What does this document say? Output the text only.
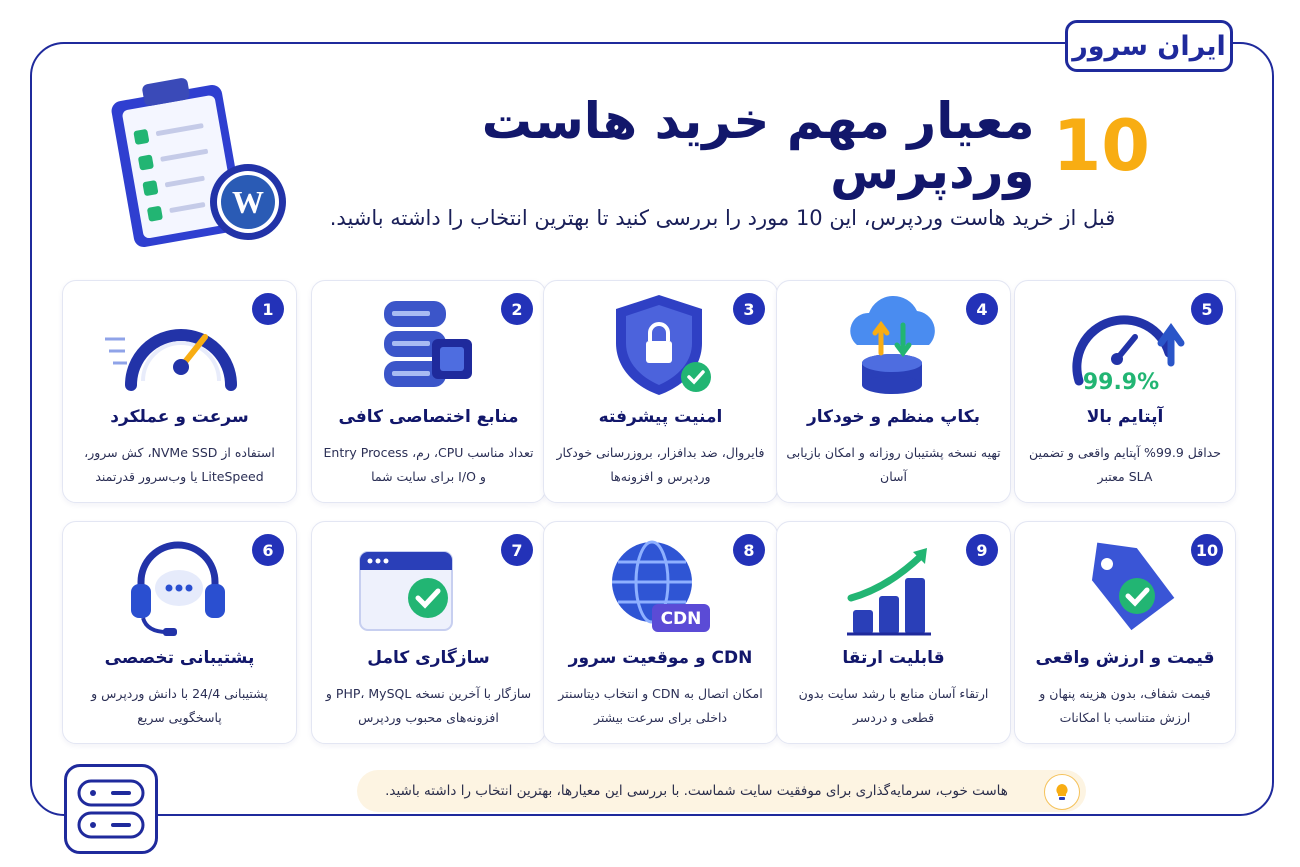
ایران سرور
W
10
معیار مهم خرید هاست وردپرس
قبل از خرید هاست وردپرس، این 10 مورد را بررسی کنید تا بهترین انتخاب را داشته باشید.
1
سرعت و عملکرد
استفاده از NVMe SSD، کش سرور، LiteSpeed یا وب‌سرور قدرتمند
2
منابع اختصاصی کافی
تعداد مناسب CPU، رم، Entry Process و I/O برای سایت شما
3
امنیت پیشرفته
فایروال، ضد بدافزار، بروزرسانی خودکار وردپرس و افزونه‌ها
4
بکاپ منظم و خودکار
تهیه نسخه پشتیبان روزانه و امکان بازیابی آسان
5
99.9%
آپتایم بالا
حداقل 99.9% آپتایم واقعی و تضمین SLA معتبر
6
پشتیبانی تخصصی
پشتیبانی 24/4 با دانش وردپرس و پاسخگویی سریع
7
سازگاری کامل
سازگار با آخرین نسخه PHP، MySQL و افزونه‌های محبوب وردپرس
8
CDN
CDN و موقعیت سرور
امکان اتصال به CDN و انتخاب دیتاسنتر داخلی برای سرعت بیشتر
9
قابلیت ارتقا
ارتقاء آسان منابع با رشد سایت بدون قطعی و دردسر
10
قیمت و ارزش واقعی
قیمت شفاف، بدون هزینه پنهان و ارزش متناسب با امکانات
هاست خوب، سرمایه‌گذاری برای موفقیت سایت شماست. با بررسی این معیارها، بهترین انتخاب را داشته باشید.
